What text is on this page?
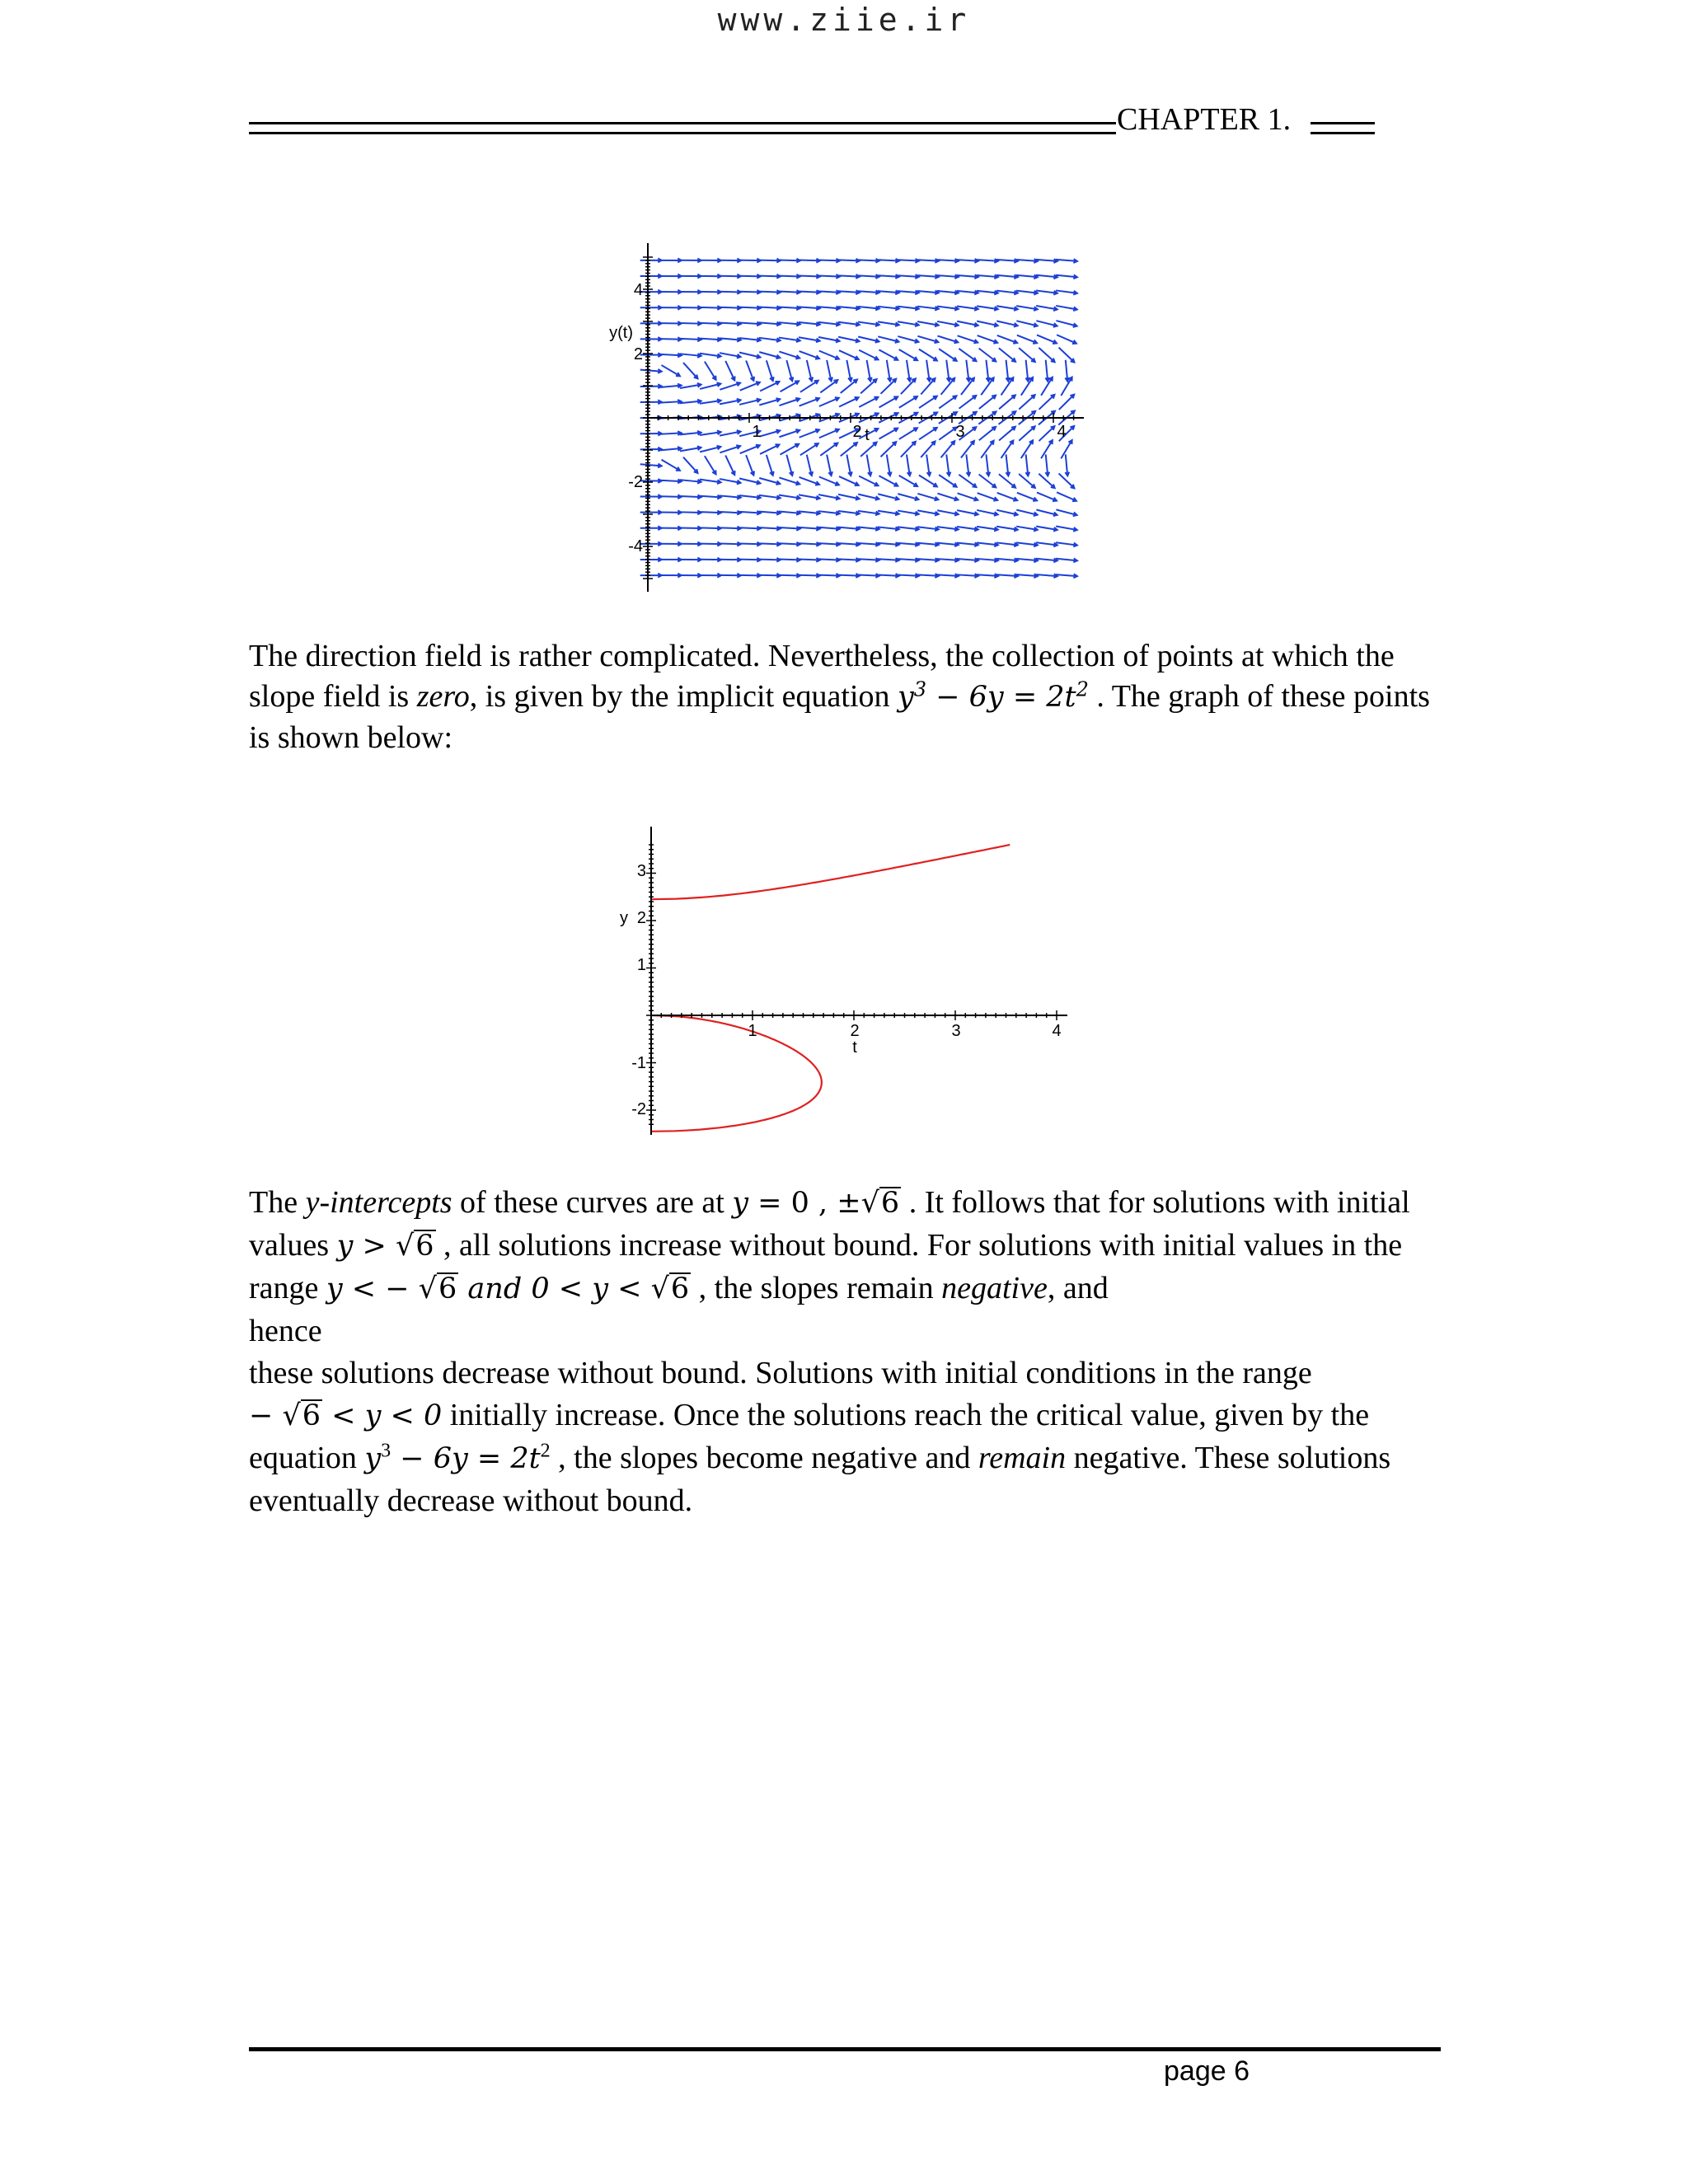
www.ziie.ir
CHAPTER 1.
1	2	3	4
t
4
2
-2
-4
y(t)

The direction field is rather complicated. Nevertheless, the collection of points at which the slope field is zero, is given by the implicit equation $y^3 - 6y = 2t^2$ . The graph of these points is shown below:

1	2	3	4
t
3
2
1
-1
-2
y

The y-intercepts of these curves are at y = 0 , ±√6 . It follows that for solutions with initial values y > √6 , all solutions increase without bound. For solutions with initial values in the range y < − √6 and 0 < y < √6 , the slopes remain negative, and

hence

these solutions decrease without bound. Solutions with initial conditions in the range

− √6 < y < 0 initially increase. Once the solutions reach the critical value, given by the equation $y^3 - 6y = 2t^2$ , the slopes become negative and remain negative. These solutions eventually decrease without bound.

page 6
